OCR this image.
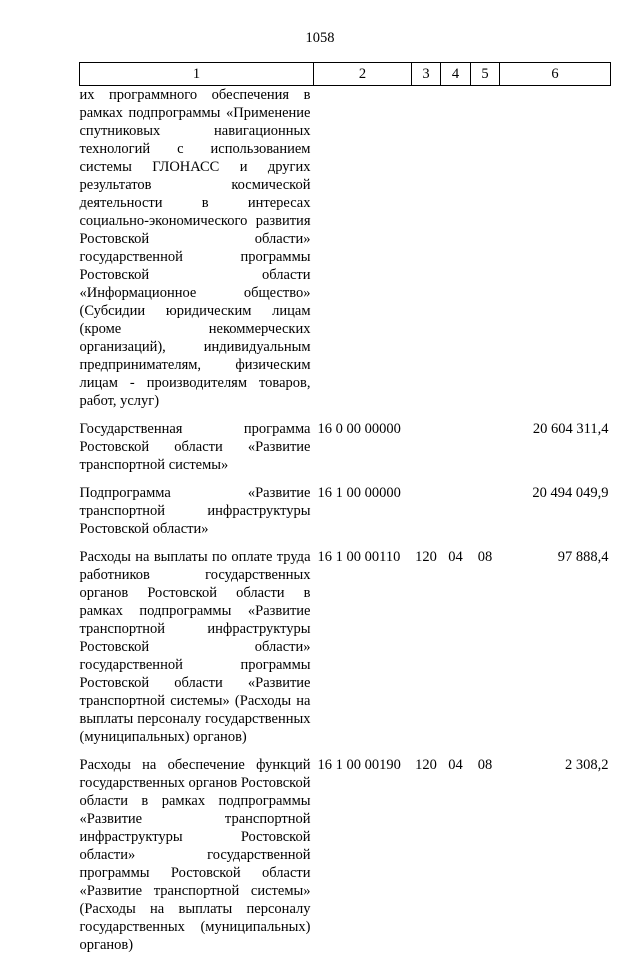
1058
1	2	3	4	5	6
их программного обеспечения в рамках подпрограммы «Применение спутниковых навигационных технологий с использованием системы ГЛОНАСС и других результатов космической деятельности в интересах социально-экономического развития Ростовской области» государственной программы Ростовской области «Информационное общество» (Субсидии юридическим лицам (кроме некоммерческих организаций), индивидуальным предпринимателям, физическим лицам - производителям товаров, работ, услуг)					
Государственная программа Ростовской области «Развитие транспортной системы»	16 0 00 00000				20 604 311,4
Подпрограмма «Развитие транспортной инфраструктуры Ростовской области»	16 1 00 00000				20 494 049,9
Расходы на выплаты по оплате труда работников государственных органов Ростовской области в рамках подпрограммы «Развитие транспортной инфраструктуры Ростовской области» государственной программы Ростовской области «Развитие транспортной системы» (Расходы на выплаты персоналу государственных (муниципальных) органов)	16 1 00 00110	120	04	08	97 888,4
Расходы на обеспечение функций государственных органов Ростовской области в рамках подпрограммы «Развитие транспортной инфраструктуры Ростовской области» государственной программы Ростовской области «Развитие транспортной системы» (Расходы на выплаты персоналу государственных (муниципальных) органов)	16 1 00 00190	120	04	08	2 308,2
